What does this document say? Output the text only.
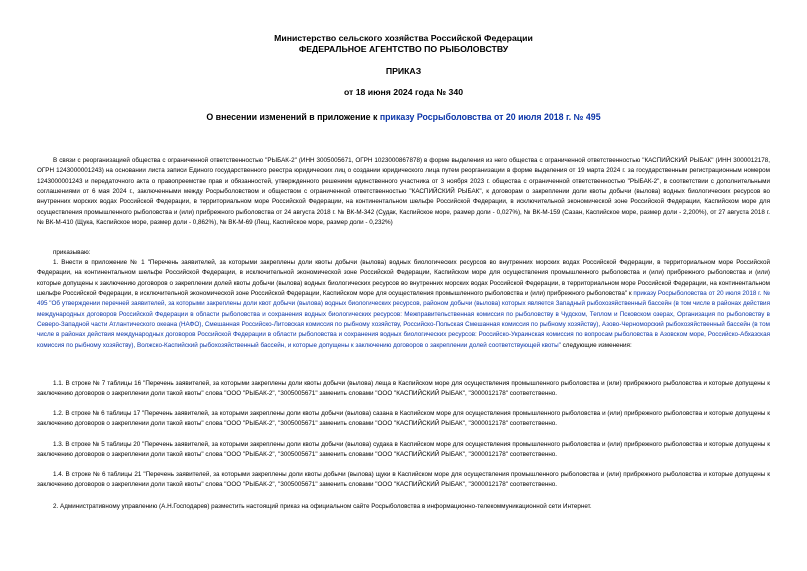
Министерство сельского хозяйства Российской Федерации
ФЕДЕРАЛЬНОЕ АГЕНТСТВО ПО РЫБОЛОВСТВУ
ПРИКАЗ
от 18 июня 2024 года № 340
О внесении изменений в приложение к приказу Росрыболовства от 20 июля 2018 г. № 495
В связи с реорганизацией общества с ограниченной ответственностью "РЫБАК-2" (ИНН 3005005671, ОГРН 1023000867878) в форме выделения из него общества с ограниченной ответственностью "КАСПИЙСКИЙ РЫБАК" (ИНН 3000012178, ОГРН 1243000001243) на основании листа записи Единого государственного реестра юридических лиц о создании юридического лица путем реорганизации в форме выделения от 19 марта 2024 г. за государственным регистрационным номером 1243000001243 и передаточного акта о правопреемстве прав и обязанностей, утвержденного решением единственного участника от 3 ноября 2023 г. общества с ограниченной ответственностью "РЫБАК-2", в соответствии с дополнительными соглашениями от 6 мая 2024 г., заключенными между Росрыболовством и обществом с ограниченной ответственностью "КАСПИЙСКИЙ РЫБАК", к договорам о закреплении доли квоты добычи (вылова) водных биологических ресурсов во внутренних морских водах Российской Федерации, в территориальном море Российской Федерации, на континентальном шельфе Российской Федерации, в исключительной экономической зоне Российской Федерации, Каспийском море для осуществления промышленного рыболовства и (или) прибрежного рыболовства от 24 августа 2018 г. № ВК-М-342 (Судак, Каспийское море, размер доли - 0,027%), № ВК-М-159 (Сазан, Каспийское море, размер доли - 2,200%), от 27 августа 2018 г. № ВК-М-410 (Щука, Каспийское море, размер доли - 0,862%), № ВК-М-69 (Лещ, Каспийское море, размер доли - 0,232%)
приказываю:
1. Внести в приложение № 1 "Перечень заявителей, за которыми закреплены доли квоты добычи (вылова) водных биологических ресурсов во внутренних морских водах Российской Федерации, в территориальном море Российской Федерации, на континентальном шельфе Российской Федерации, в исключительной экономической зоне Российской Федерации, Каспийском море для осуществления промышленного рыболовства и (или) прибрежного рыболовства и (или) которые допущены к заключению договоров о закреплении долей квоты добычи (вылова) водных биологических ресурсов во внутренних морских водах Российской Федерации, в территориальном море Российской Федерации, на континентальном шельфе Российской Федерации, в исключительной экономической зоне Российской Федерации, Каспийском море для осуществления промышленного рыболовства и (или) прибрежного рыболовства" к приказу Росрыболовства от 20 июля 2018 г. № 495 "Об утверждении перечней заявителей, за которыми закреплены доли квот добычи (вылова) водных биологических ресурсов, районом добычи (вылова) которых является Западный рыбохозяйственный бассейн (в том числе в районах действия международных договоров Российской Федерации в области рыболовства и сохранения водных биологических ресурсов: Межправительственная комиссия по рыболовству в Чудском, Теплом и Псковском озерах, Организация по рыболовству в Северо-Западной части Атлантического океана (НАФО), Смешанная Российско-Литовская комиссия по рыбному хозяйству, Российско-Польская Смешанная комиссия по рыбному хозяйству), Азово-Черноморский рыбохозяйственный бассейн (в том числе в районах действия международных договоров Российской Федерации в области рыболовства и сохранения водных биологических ресурсов: Российско-Украинская комиссия по вопросам рыболовства в Азовском море, Российско-Абхазская комиссия по рыбному хозяйству), Волжско-Каспийский рыбохозяйственный бассейн, и которые допущены к заключению договоров о закреплении долей соответствующей квоты" следующие изменения:
1.1. В строке № 7 таблицы 16 "Перечень заявителей, за которыми закреплены доли квоты добычи (вылова) леща в Каспийском море для осуществления промышленного рыболовства и (или) прибрежного рыболовства и которые допущены к заключению договоров о закреплении доли такой квоты" слова "ООО "РЫБАК-2", "3005005671" заменить словами "ООО "КАСПИЙСКИЙ РЫБАК", "3000012178" соответственно.
1.2. В строке № 6 таблицы 17 "Перечень заявителей, за которыми закреплены доли квоты добычи (вылова) сазана в Каспийском море для осуществления промышленного рыболовства и (или) прибрежного рыболовства и которые допущены к заключению договоров о закреплении доли такой квоты" слова "ООО "РЫБАК-2", "3005005671" заменить словами "ООО "КАСПИЙСКИЙ РЫБАК", "3000012178" соответственно.
1.3. В строке № 5 таблицы 20 "Перечень заявителей, за которыми закреплены доли квоты добычи (вылова) судака в Каспийском море для осуществления промышленного рыболовства и (или) прибрежного рыболовства и которые допущены к заключению договоров о закреплении доли такой квоты" слова "ООО "РЫБАК-2", "3005005671" заменить словами "ООО "КАСПИЙСКИЙ РЫБАК", "3000012178" соответственно.
1.4. В строке № 6 таблицы 21 "Перечень заявителей, за которыми закреплены доли квоты добычи (вылова) щуки в Каспийском море для осуществления промышленного рыболовства и (или) прибрежного рыболовства и которые допущены к заключению договоров о закреплении доли такой квоты" слова "ООО "РЫБАК-2", "3005005671" заменить словами "ООО "КАСПИЙСКИЙ РЫБАК", "3000012178" соответственно.
2. Административному управлению (А.Н.Господарев) разместить настоящий приказ на официальном сайте Росрыболовства в информационно-телекоммуникационной сети Интернет.
